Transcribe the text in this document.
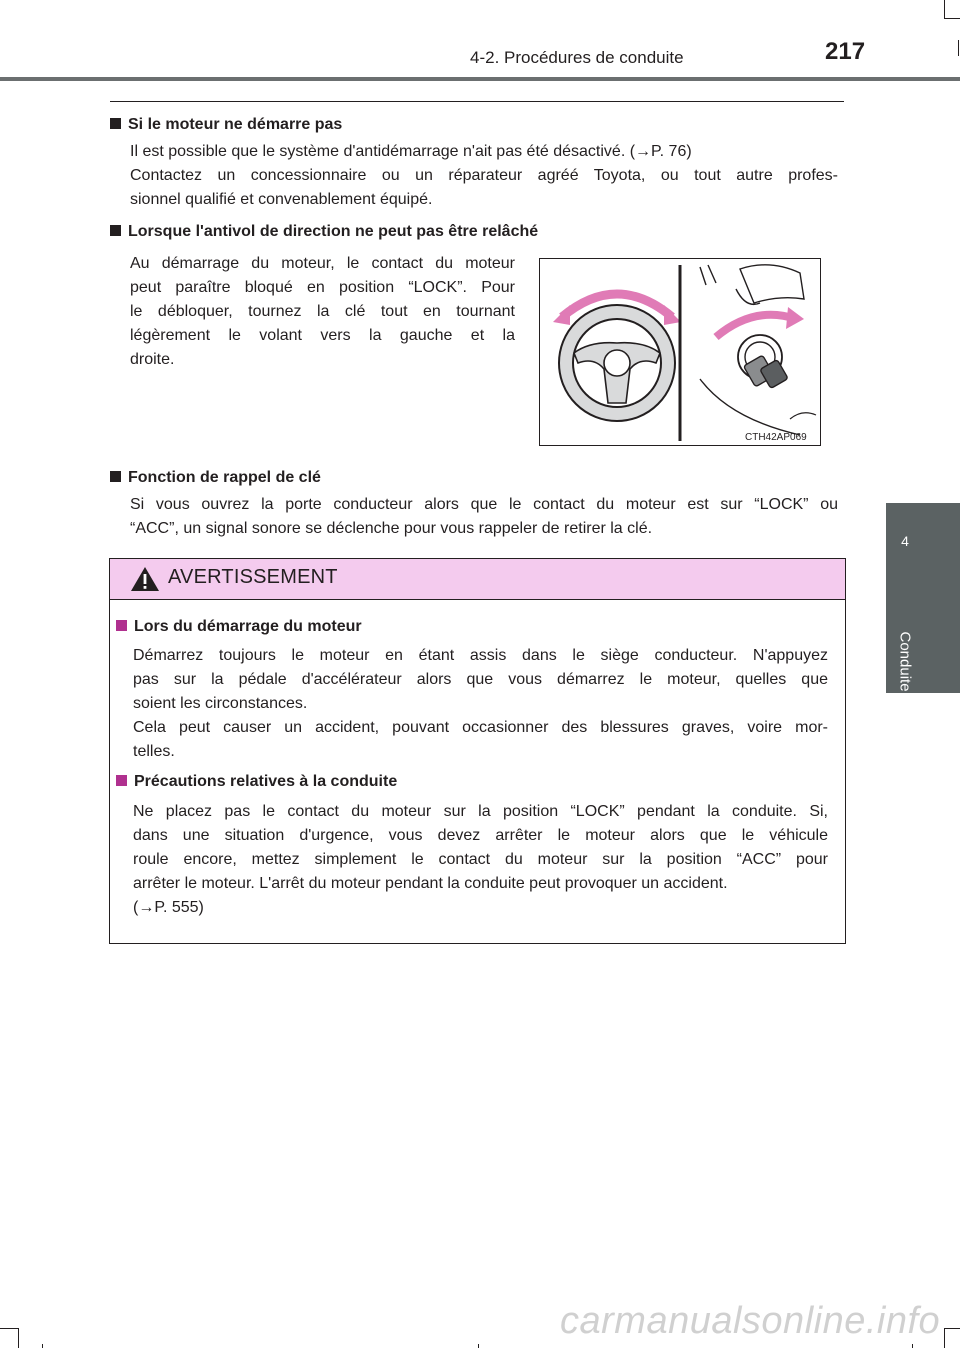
4-2. Procédures de conduite	217
4
Conduite
Si le moteur ne démarre pas
Il est possible que le système d'antidémarrage n'ait pas été désactivé. (→P. 76)
Contactez un concessionnaire ou un réparateur agréé Toyota, ou tout autre profes-
sionnel qualifié et convenablement équipé.
Lorsque l'antivol de direction ne peut pas être relâché
Au démarrage du moteur, le contact du moteur
peut paraître bloqué en position “LOCK”. Pour
le débloquer, tournez la clé tout en tournant
légèrement le volant vers la gauche et la
droite.
CTH42AP069
Fonction de rappel de clé
Si vous ouvrez la porte conducteur alors que le contact du moteur est sur “LOCK” ou
“ACC”, un signal sonore se déclenche pour vous rappeler de retirer la clé.
AVERTISSEMENT
Lors du démarrage du moteur
Démarrez toujours le moteur en étant assis dans le siège conducteur. N'appuyez
pas sur la pédale d'accélérateur alors que vous démarrez le moteur, quelles que
soient les circonstances.
Cela peut causer un accident, pouvant occasionner des blessures graves, voire mor-
telles.
Précautions relatives à la conduite
Ne placez pas le contact du moteur sur la position “LOCK” pendant la conduite. Si,
dans une situation d'urgence, vous devez arrêter le moteur alors que le véhicule
roule encore, mettez simplement le contact du moteur sur la position “ACC” pour
arrêter le moteur. L'arrêt du moteur pendant la conduite peut provoquer un accident.
(→P. 555)
carmanualsonline.info
